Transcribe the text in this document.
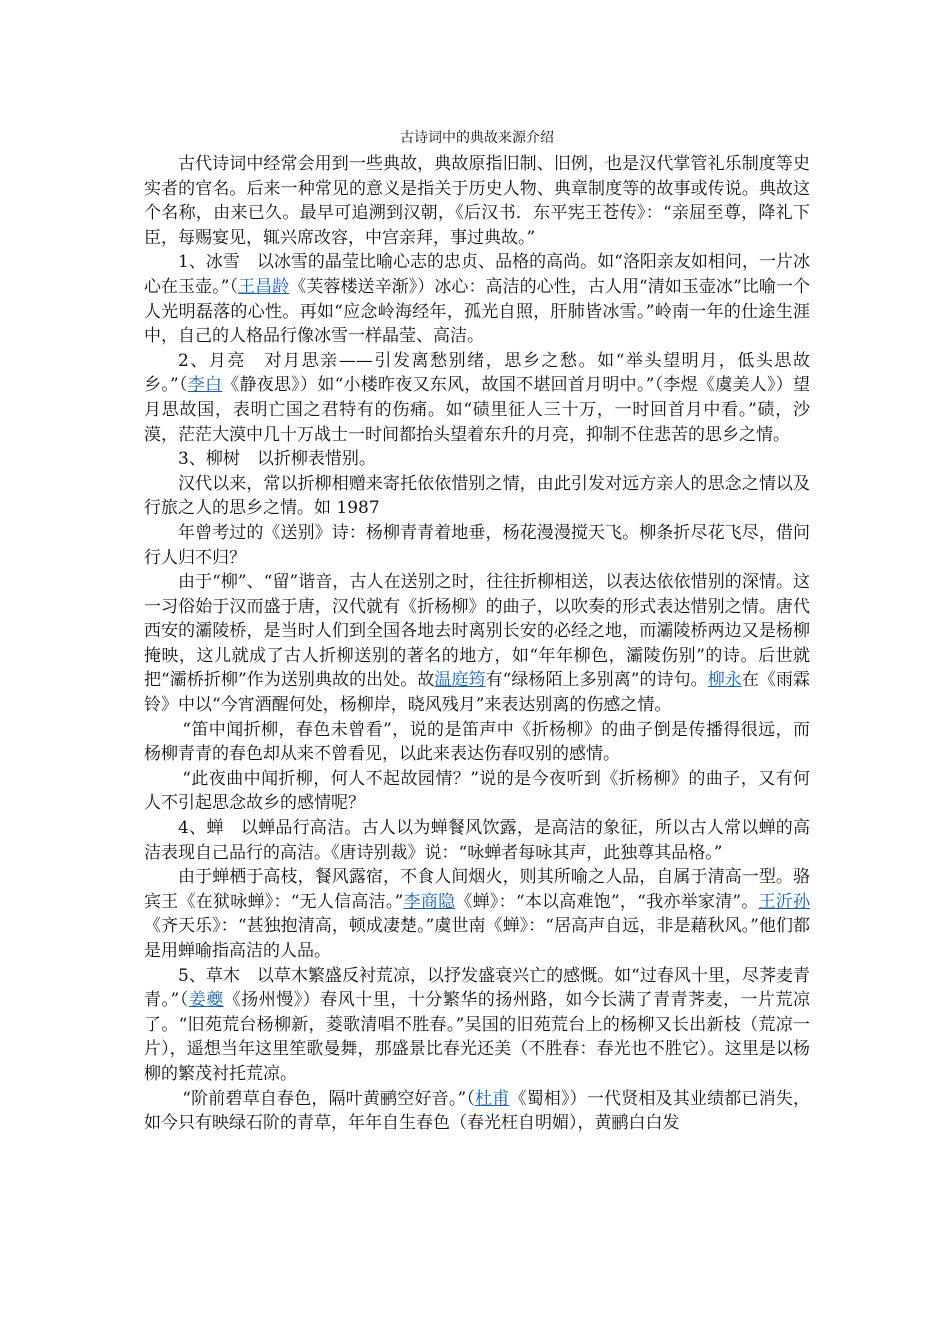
古诗词中的典故来源介绍

古代诗词中经常会用到一些典故，典故原指旧制、旧例，也是汉代掌管礼乐制度等史实者的官名。后来一种常见的意义是指关于历史人物、典章制度等的故事或传说。典故这个名称，由来已久。最早可追溯到汉朝，《后汉书．东平宪王苍传》：“亲屈至尊，降礼下臣，每赐宴见，辄兴席改容，中宫亲拜，事过典故。”

1、冰雪　以冰雪的晶莹比喻心志的忠贞、品格的高尚。如“洛阳亲友如相问，一片冰心在玉壶。”（王昌龄《芙蓉楼送辛渐》）冰心：高洁的心性，古人用“清如玉壶冰”比喻一个人光明磊落的心性。再如“应念岭海经年，孤光自照，肝肺皆冰雪。”岭南一年的仕途生涯中，自己的人格品行像冰雪一样晶莹、高洁。

2、月亮　对月思亲——引发离愁别绪，思乡之愁。如“举头望明月，低头思故乡。”（李白《静夜思》）如“小楼昨夜又东风，故国不堪回首月明中。”（李煜《虞美人》）望月思故国，表明亡国之君特有的伤痛。如“碛里征人三十万，一时回首月中看。”碛，沙漠，茫茫大漠中几十万战士一时间都抬头望着东升的月亮，抑制不住悲苦的思乡之情。

3、柳树　以折柳表惜别。

汉代以来，常以折柳相赠来寄托依依惜别之情，由此引发对远方亲人的思念之情以及行旅之人的思乡之情。如 1987

年曾考过的《送别》诗：杨柳青青着地垂，杨花漫漫搅天飞。柳条折尽花飞尽，借问行人归不归？

由于“柳”、“留”谐音，古人在送别之时，往往折柳相送，以表达依依惜别的深情。这一习俗始于汉而盛于唐，汉代就有《折杨柳》的曲子，以吹奏的形式表达惜别之情。唐代西安的灞陵桥，是当时人们到全国各地去时离别长安的必经之地，而灞陵桥两边又是杨柳掩映，这儿就成了古人折柳送别的著名的地方，如“年年柳色，灞陵伤别”的诗。后世就把“灞桥折柳”作为送别典故的出处。故温庭筠有“绿杨陌上多别离”的诗句。柳永在《雨霖铃》中以“今宵酒醒何处，杨柳岸，晓风残月”来表达别离的伤感之情。

“笛中闻折柳，春色未曾看”，说的是笛声中《折杨柳》的曲子倒是传播得很远，而杨柳青青的春色却从来不曾看见，以此来表达伤春叹别的感情。

“此夜曲中闻折柳，何人不起故园情？”说的是今夜听到《折杨柳》的曲子，又有何人不引起思念故乡的感情呢？

4、蝉　以蝉品行高洁。古人以为蝉餐风饮露，是高洁的象征，所以古人常以蝉的高洁表现自己品行的高洁。《唐诗别裁》说：“咏蝉者每咏其声，此独尊其品格。”

由于蝉栖于高枝，餐风露宿，不食人间烟火，则其所喻之人品，自属于清高一型。骆宾王《在狱咏蝉》：“无人信高洁。”李商隐《蝉》：“本以高难饱”，“我亦举家清”。王沂孙《齐天乐》：“甚独抱清高，顿成凄楚。”虞世南《蝉》：“居高声自远，非是藉秋风。”他们都是用蝉喻指高洁的人品。

5、草木　以草木繁盛反衬荒凉，以抒发盛衰兴亡的感慨。如“过春风十里，尽荠麦青青。”（姜夔《扬州慢》）春风十里，十分繁华的扬州路，如今长满了青青荠麦，一片荒凉了。“旧苑荒台杨柳新，菱歌清唱不胜春。”吴国的旧苑荒台上的杨柳又长出新枝（荒凉一片），遥想当年这里笙歌曼舞，那盛景比春光还美（不胜春：春光也不胜它）。这里是以杨柳的繁茂衬托荒凉。

“阶前碧草自春色，隔叶黄鹂空好音。”（杜甫《蜀相》）一代贤相及其业绩都已消失，如今只有映绿石阶的青草，年年自生春色（春光枉自明媚），黄鹂白白发
